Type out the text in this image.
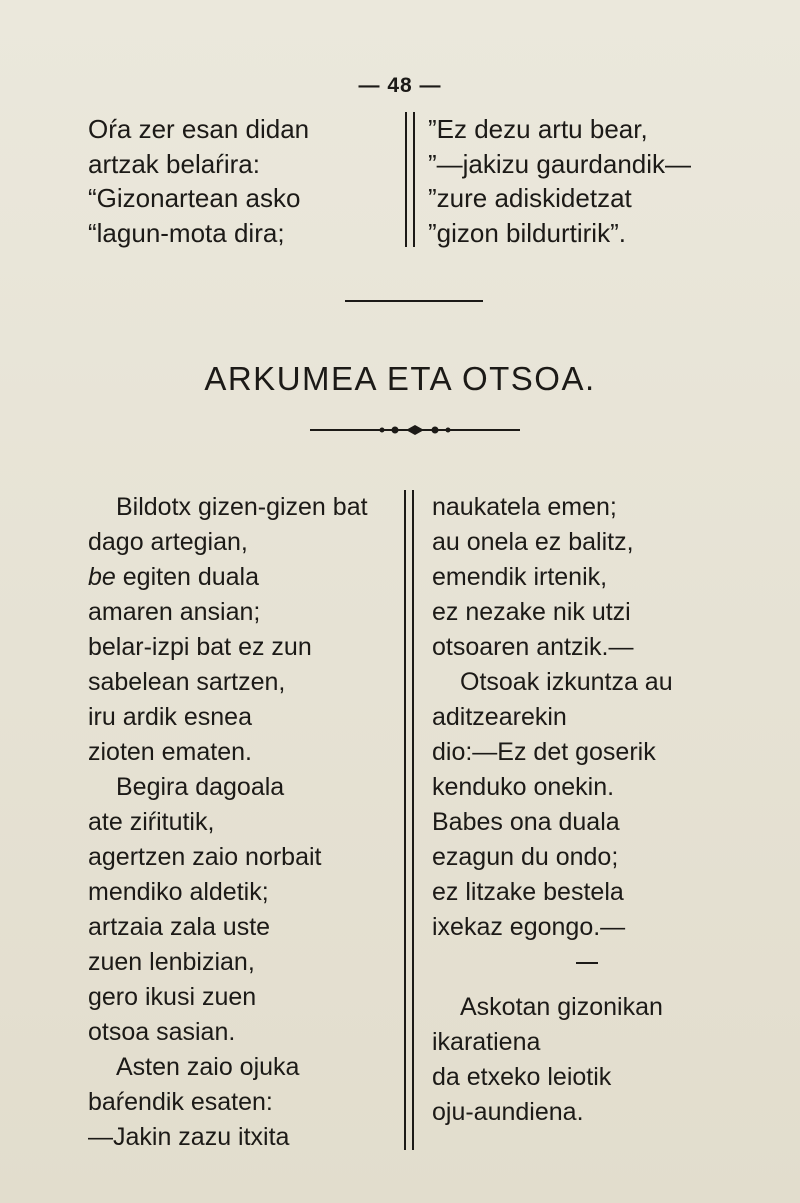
— 48 —
Oŕa zer esan didan
artzak belaŕira:
“Gizonartean asko
“lagun-mota dira;
”Ez dezu artu bear,
”—jakizu gaurdandik—
”zure adiskidetzat
”gizon bildurtirik”.
ARKUMEA ETA OTSOA.
Bildotx gizen-gizen bat
dago artegian,
be egiten duala
amaren ansian;
belar-izpi bat ez zun
sabelean sartzen,
iru ardik esnea
zioten ematen.
Begira dagoala
ate ziŕitutik,
agertzen zaio norbait
mendiko aldetik;
artzaia zala uste
zuen lenbizian,
gero ikusi zuen
otsoa sasian.
Asten zaio ojuka
baŕendik esaten:
—Jakin zazu itxita
naukatela emen;
au onela ez balitz,
emendik irtenik,
ez nezake nik utzi
otsoaren antzik.—
Otsoak izkuntza au
aditzearekin
dio:—Ez det goserik
kenduko onekin.
Babes ona duala
ezagun du ondo;
ez litzake bestela
ixekaz egongo.—
Askotan gizonikan
ikaratiena
da etxeko leiotik
oju-aundiena.
